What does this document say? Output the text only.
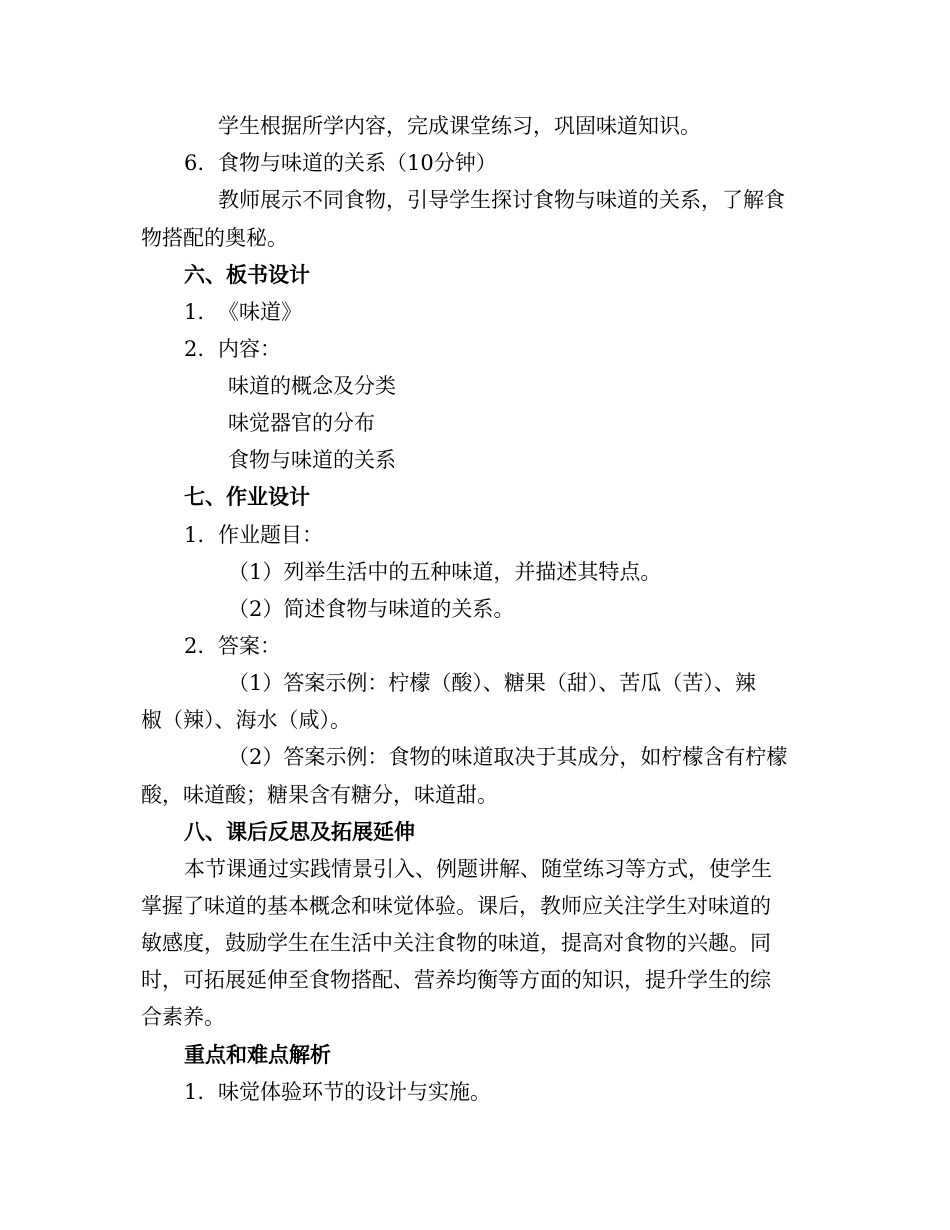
学生根据所学内容，完成课堂练习，巩固味道知识。
6. 食物与味道的关系（10分钟）
教师展示不同食物，引导学生探讨食物与味道的关系，了解食
物搭配的奥秘。
六、板书设计
1. 《味道》
2. 内容：
味道的概念及分类
味觉器官的分布
食物与味道的关系
七、作业设计
1. 作业题目：
（1）列举生活中的五种味道，并描述其特点。
（2）简述食物与味道的关系。
2. 答案：
（1）答案示例：柠檬（酸）、糖果（甜）、苦瓜（苦）、辣
椒（辣）、海水（咸）。
（2）答案示例：食物的味道取决于其成分，如柠檬含有柠檬
酸，味道酸；糖果含有糖分，味道甜。
八、课后反思及拓展延伸
本节课通过实践情景引入、例题讲解、随堂练习等方式，使学生
掌握了味道的基本概念和味觉体验。课后，教师应关注学生对味道的
敏感度，鼓励学生在生活中关注食物的味道，提高对食物的兴趣。同
时，可拓展延伸至食物搭配、营养均衡等方面的知识，提升学生的综
合素养。
重点和难点解析
1. 味觉体验环节的设计与实施。
